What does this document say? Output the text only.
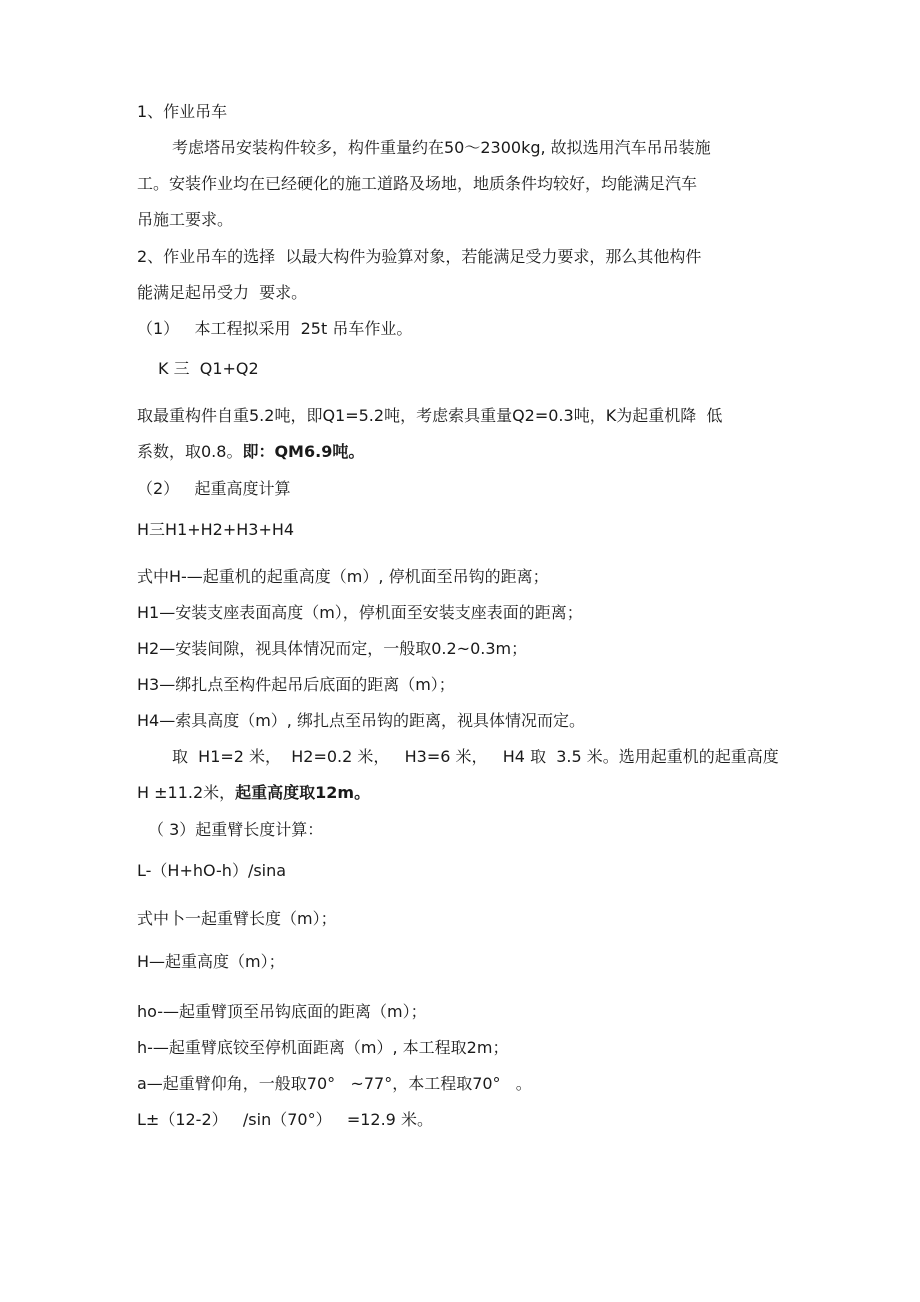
1、作业吊车
考虑塔吊安装构件较多，构件重量约在50～2300kg, 故拟选用汽车吊吊装施
工。安装作业均在已经硬化的施工道路及场地，地质条件均较好，均能满足汽车
吊施工要求。
2、作业吊车的选择  以最大构件为验算对象，若能满足受力要求，那么其他构件
能满足起吊受力  要求。
（1）   本工程拟采用  25t 吊车作业。
K 三  Q1+Q2
取最重构件自重5.2吨，即Q1=5.2吨，考虑索具重量Q2=0.3吨，K为起重机降  低
系数，取0.8。即：QM6.9吨。
（2）   起重高度计算
H三H1+H2+H3+H4
式中H-—起重机的起重高度（m）, 停机面至吊钩的距离；
H1—安装支座表面高度（m），停机面至安装支座表面的距离；
H2—安装间隙，视具体情况而定，一般取0.2~0.3m；
H3—绑扎点至构件起吊后底面的距离（m）；
H4—索具高度（m）, 绑扎点至吊钩的距离，视具体情况而定。
取  H1=2 米，  H2=0.2 米，   H3=6 米，   H4 取  3.5 米。选用起重机的起重高度
H ±11.2米，起重高度取12m。
（ 3）起重臂长度计算：
L-（H+hO-h）/sina
式中卜一起重臂长度（m）；
H—起重高度（m）；
ho-—起重臂顶至吊钩底面的距离（m）；
h-—起重臂底铰至停机面距离（m）, 本工程取2m；
a—起重臂仰角，一般取70°   ~77°，本工程取70°   。
L±（12-2）   /sin（70°）   =12.9 米。
